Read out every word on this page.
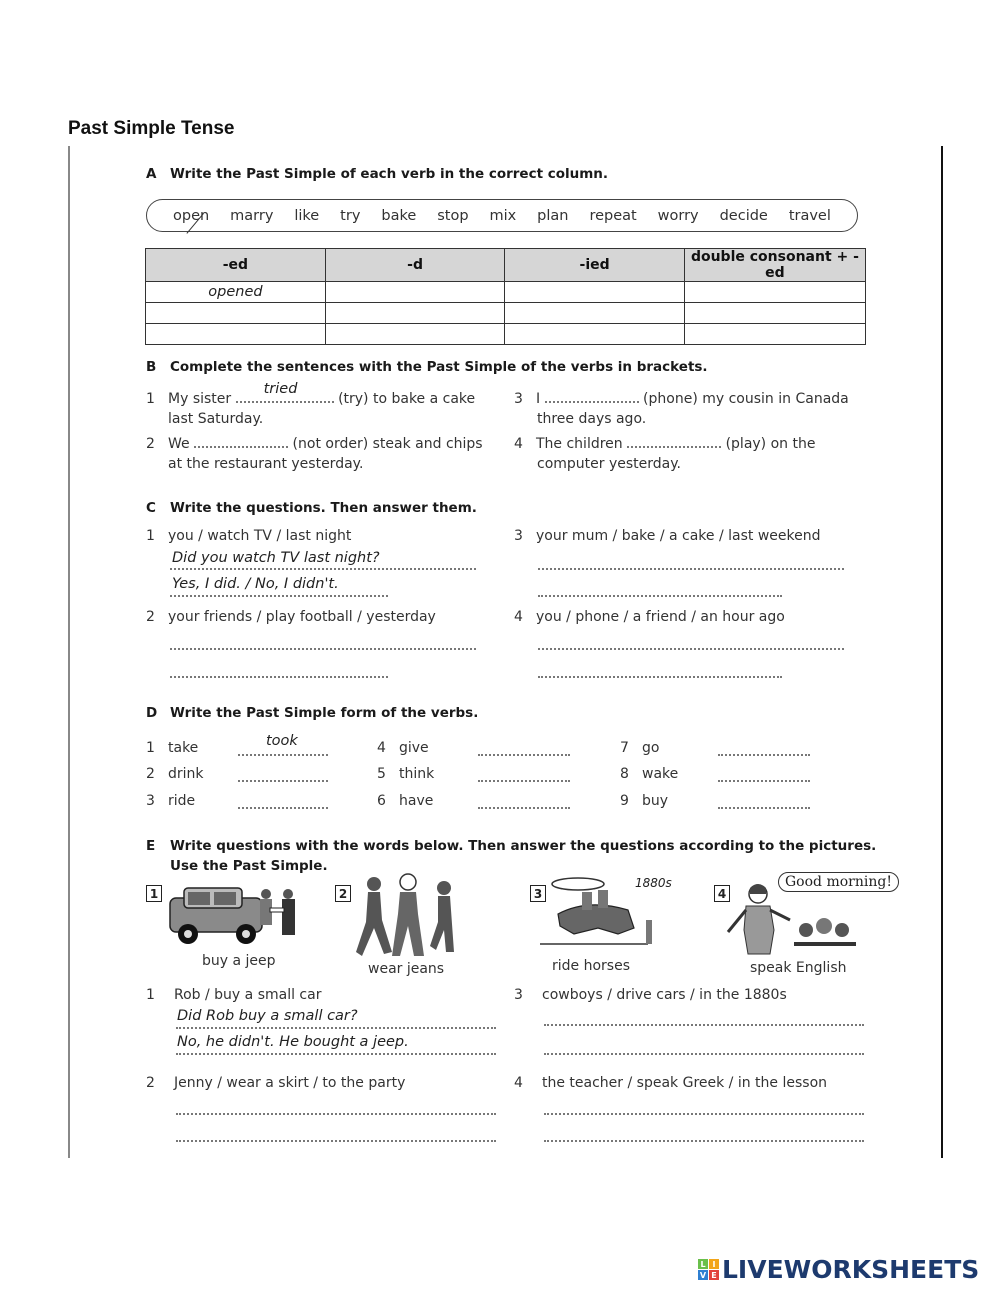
Past Simple Tense
A Write the Past Simple of each verb in the correct column.
open marry like try bake stop mix plan repeat worry decide travel
-ed	-d	-ied	double consonant + -ed
opened			

B Complete the sentences with the Past Simple of the verbs in brackets.
1 My sister
tried
(try) to bake a cake
last Saturday.
2 We	(not order) steak and chips
at the restaurant yesterday.
3 I	(phone) my cousin in Canada
three days ago.
4 The children	(play) on the
computer yesterday.
C Write the questions. Then answer them.
1 you / watch TV / last night
Did you watch TV last night?
Yes, I did. / No, I didn't.
2 your friends / play football / yesterday
3 your mum / bake / a cake / last weekend
4 you / phone / a friend / an hour ago
D Write the Past Simple form of the verbs.
1 take	took
2 drink
3 ride
4 give
5 think
6 have
7 go
8 wake
9 buy
E Write questions with the words below. Then answer the questions according to the pictures.
Use the Past Simple.
1
buy a jeep
2
wear jeans
3
1880s
ride horses
4
Good morning!
speak English
1 Rob / buy a small car
Did Rob buy a small car?
No, he didn't. He bought a jeep.
2 Jenny / wear a skirt / to the party
3 cowboys / drive cars / in the 1880s
4 the teacher / speak Greek / in the lesson
L I
V E LIVEWORKSHEETS
